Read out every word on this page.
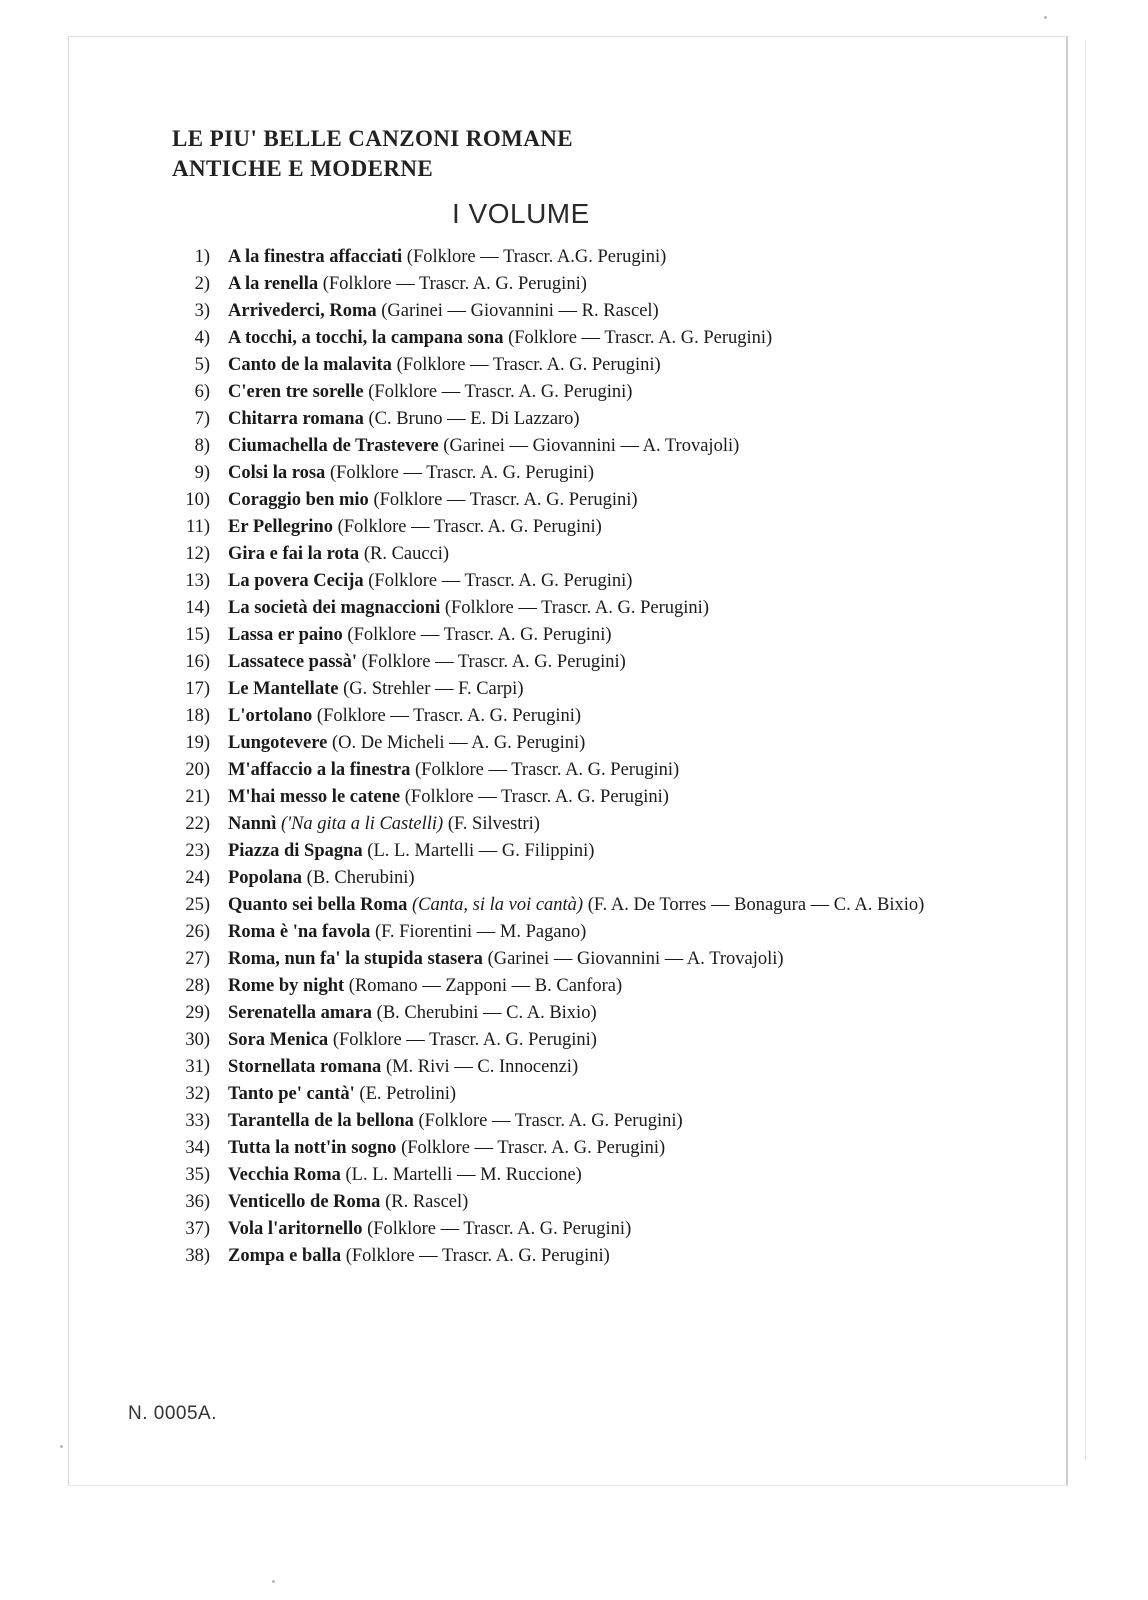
LE PIU' BELLE CANZONI ROMANE
ANTICHE E MODERNE
I VOLUME
1) A la finestra affacciati (Folklore — Trascr. A.G. Perugini)
2) A la renella (Folklore — Trascr. A. G. Perugini)
3) Arrivederci, Roma (Garinei — Giovannini — R. Rascel)
4) A tocchi, a tocchi, la campana sona (Folklore — Trascr. A. G. Perugini)
5) Canto de la malavita (Folklore — Trascr. A. G. Perugini)
6) C'eren tre sorelle (Folklore — Trascr. A. G. Perugini)
7) Chitarra romana (C. Bruno — E. Di Lazzaro)
8) Ciumachella de Trastevere (Garinei — Giovannini — A. Trovajoli)
9) Colsi la rosa (Folklore — Trascr. A. G. Perugini)
10) Coraggio ben mio (Folklore — Trascr. A. G. Perugini)
11) Er Pellegrino (Folklore — Trascr. A. G. Perugini)
12) Gira e fai la rota (R. Caucci)
13) La povera Cecija (Folklore — Trascr. A. G. Perugini)
14) La società dei magnaccioni (Folklore — Trascr. A. G. Perugini)
15) Lassa er paino (Folklore — Trascr. A. G. Perugini)
16) Lassatece passà' (Folklore — Trascr. A. G. Perugini)
17) Le Mantellate (G. Strehler — F. Carpi)
18) L'ortolano (Folklore — Trascr. A. G. Perugini)
19) Lungotevere (O. De Micheli — A. G. Perugini)
20) M'affaccio a la finestra (Folklore — Trascr. A. G. Perugini)
21) M'hai messo le catene (Folklore — Trascr. A. G. Perugini)
22) Nannì ('Na gita a li Castelli) (F. Silvestri)
23) Piazza di Spagna (L. L. Martelli — G. Filippini)
24) Popolana (B. Cherubini)
25) Quanto sei bella Roma (Canta, si la voi cantà) (F. A. De Torres — Bonagura — C. A. Bixio)
26) Roma è 'na favola (F. Fiorentini — M. Pagano)
27) Roma, nun fa' la stupida stasera (Garinei — Giovannini — A. Trovajoli)
28) Rome by night (Romano — Zapponi — B. Canfora)
29) Serenatella amara (B. Cherubini — C. A. Bixio)
30) Sora Menica (Folklore — Trascr. A. G. Perugini)
31) Stornellata romana (M. Rivi — C. Innocenzi)
32) Tanto pe' cantà' (E. Petrolini)
33) Tarantella de la bellona (Folklore — Trascr. A. G. Perugini)
34) Tutta la nott'in sogno (Folklore — Trascr. A. G. Perugini)
35) Vecchia Roma (L. L. Martelli — M. Ruccione)
36) Venticello de Roma (R. Rascel)
37) Vola l'aritornello (Folklore — Trascr. A. G. Perugini)
38) Zompa e balla (Folklore — Trascr. A. G. Perugini)
N. 0005A.
